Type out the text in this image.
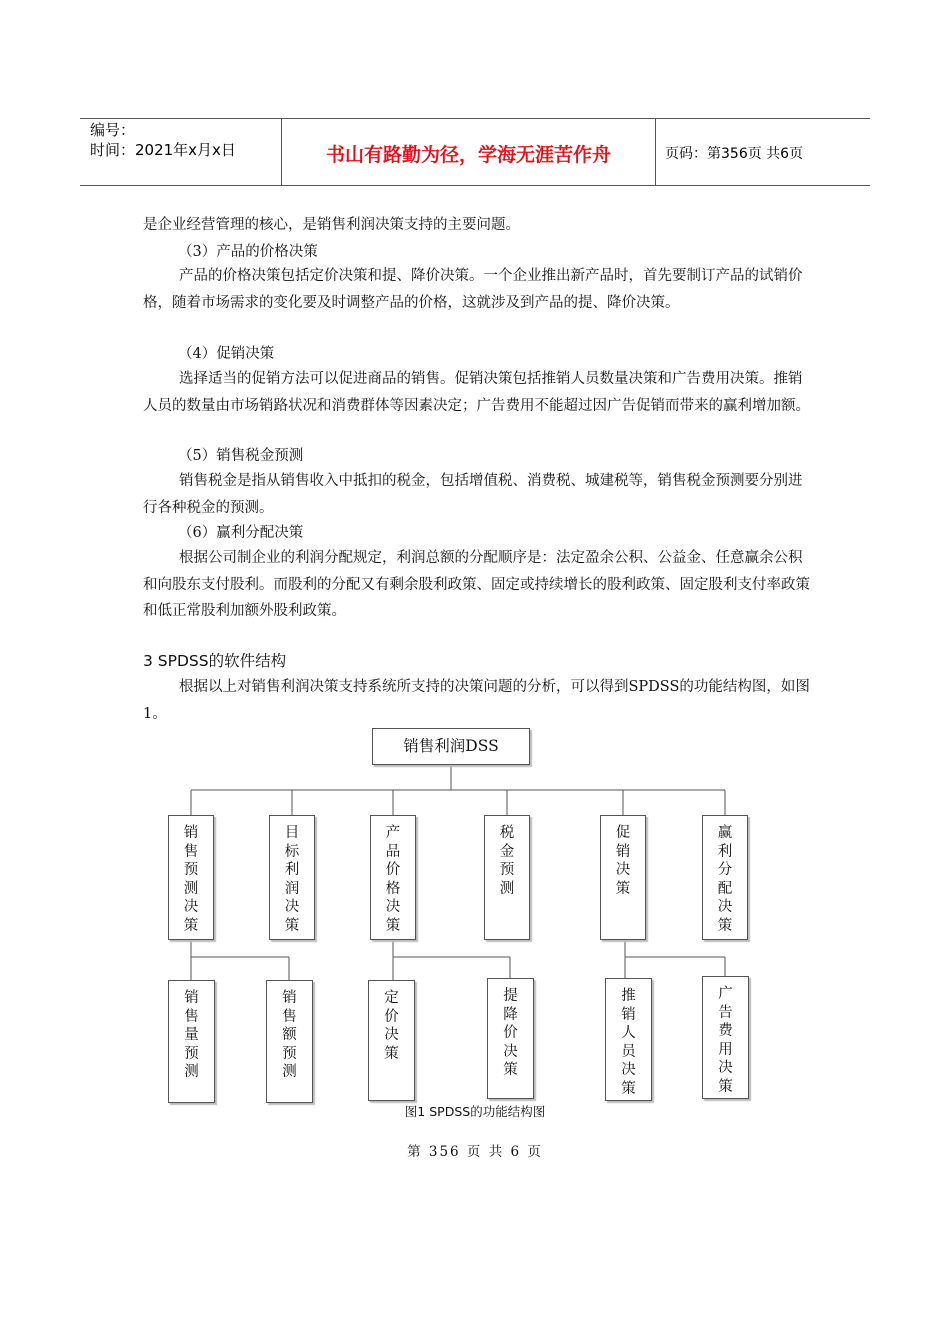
编号：
时间：2021年x月x日	书山有路勤为径，学海无涯苦作舟	页码：第356页 共6页

是企业经营管理的核心，是销售利润决策支持的主要问题。

（3）产品的价格决策

产品的价格决策包括定价决策和提、降价决策。一个企业推出新产品时，首先要制订产品的试销价格，随着市场需求的变化要及时调整产品的价格，这就涉及到产品的提、降价决策。

（4）促销决策

选择适当的促销方法可以促进商品的销售。促销决策包括推销人员数量决策和广告费用决策。推销人员的数量由市场销路状况和消费群体等因素决定；广告费用不能超过因广告促销而带来的赢利增加额。

（5）销售税金预测

销售税金是指从销售收入中抵扣的税金，包括增值税、消费税、城建税等，销售税金预测要分别进行各种税金的预测。

（6）赢利分配决策

根据公司制企业的利润分配规定，利润总额的分配顺序是：法定盈余公积、公益金、任意赢余公积和向股东支付股利。而股利的分配又有剩余股利政策、固定或持续增长的股利政策、固定股利支付率政策和低正常股利加额外股利政策。

3 SPDSS的软件结构

根据以上对销售利润决策支持系统所支持的决策问题的分析，可以得到SPDSS的功能结构图，如图1。

销售利润DSS
销售预测决策
目标利润决策
产品价格决策
税金预测
促销决策
赢利分配决策
销售量预测
销售额预测
定价决策
提降价决策
推销人员决策
广告费用决策
图1 SPDSS的功能结构图
第 356 页 共 6 页
